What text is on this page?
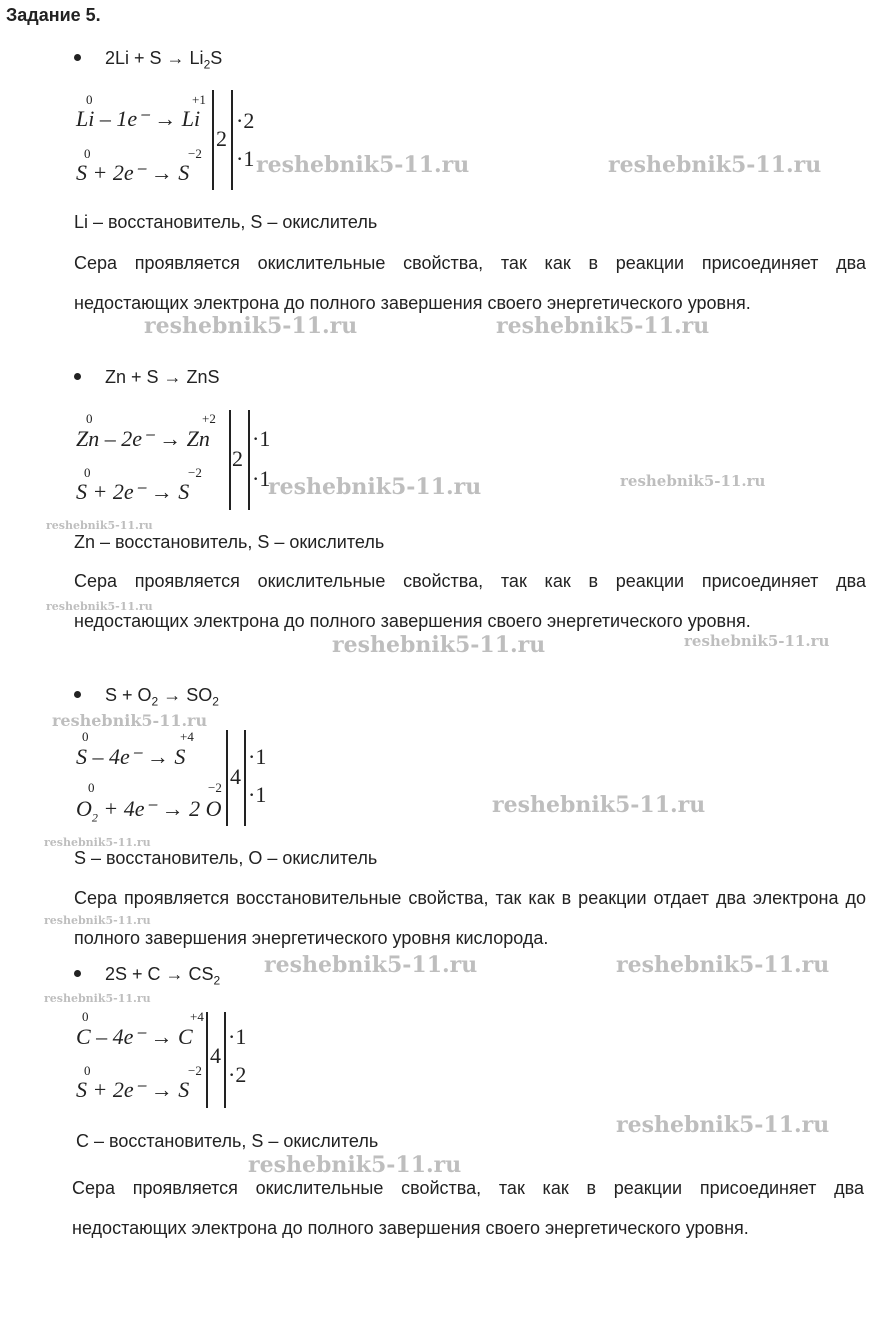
Задание 5.
$2Li + S \to Li_2S$
0	+1
Li – 1e⁻ → Li
0	−2
S + 2e⁻ → S
2
·2
·1
Li – восстановитель, S – окислитель
Сера проявляется окислительные свойства, так как в реакции присоединяет два недостающих электрона до полного завершения своего энергетического уровня.
Zn + S → ZnS
0	+2
Zn – 2e⁻ → Zn
0	−2
S + 2e⁻ → S
2
·1
·1
Zn – восстановитель, S – окислитель
Сера проявляется окислительные свойства, так как в реакции присоединяет два недостающих электрона до полного завершения своего энергетического уровня.
$S + O_2 \to SO_2$
0	+4
S – 4e⁻ → S
0	−2
$O_2 + 4e^- \to 2$ O
4
·1
·1
S – восстановитель, O – окислитель
Сера проявляется восстановительные свойства, так как в реакции отдает два электрона до полного завершения энергетического уровня кислорода.
$2S + C \to CS_2$
0	+4
C – 4e⁻ → C
0	−2
S + 2e⁻ → S
4
·1
·2
C – восстановитель, S – окислитель
Сера проявляется окислительные свойства, так как в реакции присоединяет два недостающих электрона до полного завершения своего энергетического уровня.
reshebnik5-11.ru	reshebnik5-11.ru
reshebnik5-11.ru	reshebnik5-11.ru
reshebnik5-11.ru	reshebnik5-11.ru
reshebnik5-11.ru
reshebnik5-11.ru
reshebnik5-11.ru	reshebnik5-11.ru
reshebnik5-11.ru
reshebnik5-11.ru
reshebnik5-11.ru
reshebnik5-11.ru
reshebnik5-11.ru	reshebnik5-11.ru
reshebnik5-11.ru
reshebnik5-11.ru
reshebnik5-11.ru
